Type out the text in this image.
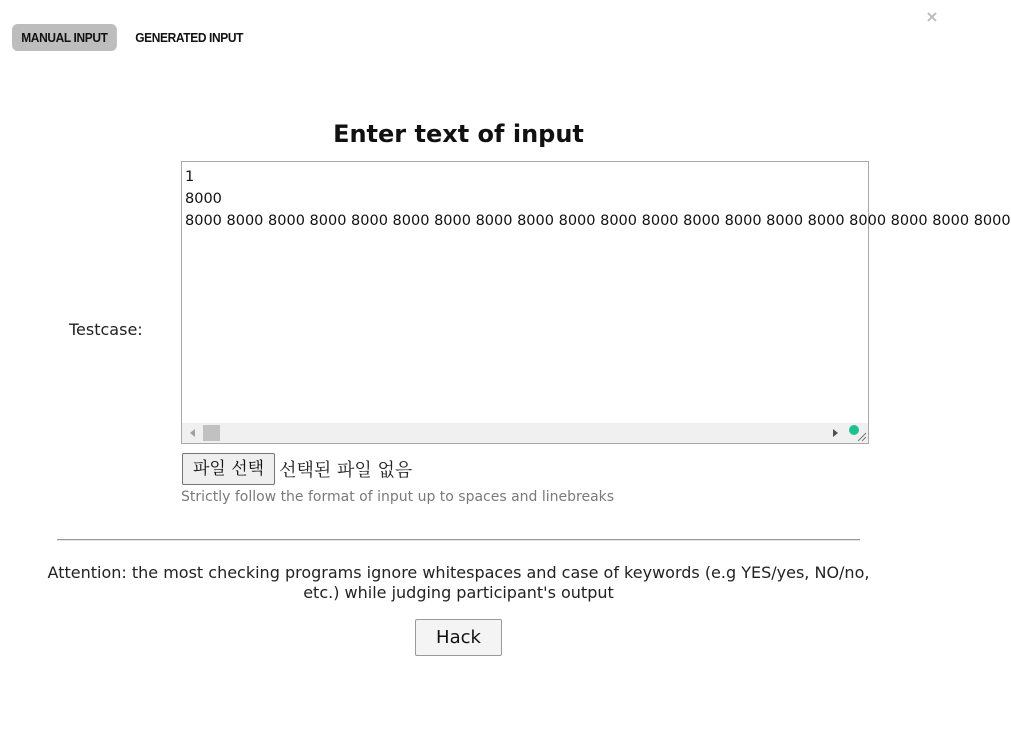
×
MANUAL INPUT	GENERATED INPUT
Enter text of input
Testcase:
1
8000
8000 8000 8000 8000 8000 8000 8000 8000 8000 8000 8000 8000 8000 8000 8000 8000 8000 8000 8000 8000
파일 선택 선택된 파일 없음
Strictly follow the format of input up to spaces and linebreaks
Attention: the most checking programs ignore whitespaces and case of keywords (e.g YES/yes, NO/no, etc.) while judging participant's output
Hack
